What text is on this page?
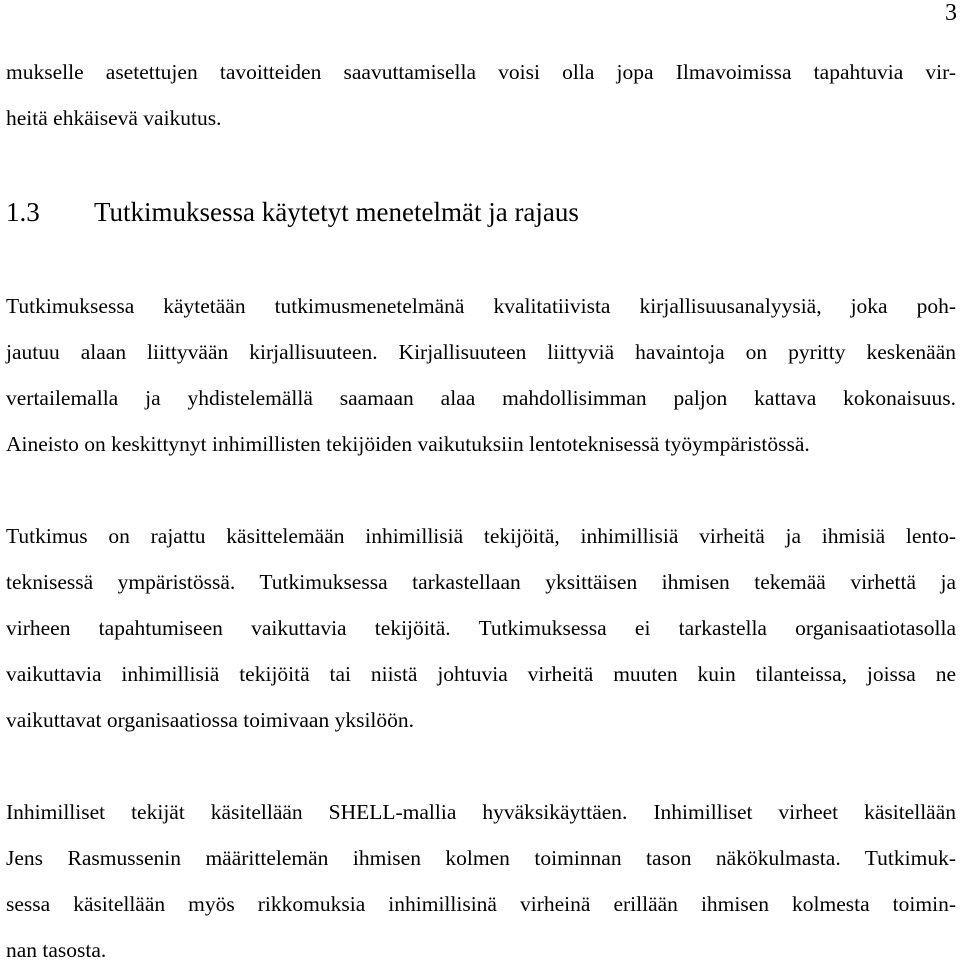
3
mukselle asetettujen tavoitteiden saavuttamisella voisi olla jopa Ilmavoimissa tapahtuvia vir-
heitä ehkäisevä vaikutus.
1.3 Tutkimuksessa käytetyt menetelmät ja rajaus
Tutkimuksessa käytetään tutkimusmenetelmänä kvalitatiivista kirjallisuusanalyysiä, joka poh-
jautuu alaan liittyvään kirjallisuuteen. Kirjallisuuteen liittyviä havaintoja on pyritty keskenään
vertailemalla ja yhdistelemällä saamaan alaa mahdollisimman paljon kattava kokonaisuus.
Aineisto on keskittynyt inhimillisten tekijöiden vaikutuksiin lentoteknisessä työympäristössä.
Tutkimus on rajattu käsittelemään inhimillisiä tekijöitä, inhimillisiä virheitä ja ihmisiä lento-
teknisessä ympäristössä. Tutkimuksessa tarkastellaan yksittäisen ihmisen tekemää virhettä ja
virheen tapahtumiseen vaikuttavia tekijöitä. Tutkimuksessa ei tarkastella organisaatiotasolla
vaikuttavia inhimillisiä tekijöitä tai niistä johtuvia virheitä muuten kuin tilanteissa, joissa ne
vaikuttavat organisaatiossa toimivaan yksilöön.
Inhimilliset tekijät käsitellään SHELL-mallia hyväksikäyttäen. Inhimilliset virheet käsitellään
Jens Rasmussenin määrittelemän ihmisen kolmen toiminnan tason näkökulmasta. Tutkimuk-
sessa käsitellään myös rikkomuksia inhimillisinä virheinä erillään ihmisen kolmesta toimin-
nan tasosta.
